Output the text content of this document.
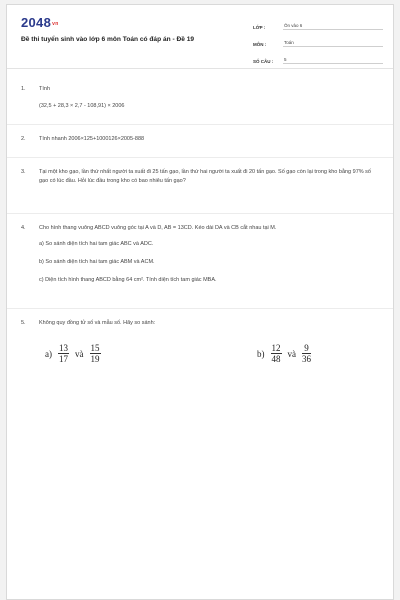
$2048^{vn}$
Đề thi tuyển sinh vào lớp 6 môn Toán có đáp án - Đề 19
LỚP :	Ôn vào 6
MÔN :	Toán
SỐ CÂU :	5
1. Tính
(32,5 + 28,3 × 2,7 - 108,91) × 2006
2. Tính nhanh 2006×125+1000126×2005-888
3. Tại một kho gạo, lần thứ nhất người ta xuất đi 25 tấn gạo, lần thứ hai người ta xuất đi 20 tấn gạo. Số gạo còn lại trong kho bằng 97% số gạo có lúc đầu. Hỏi lúc đầu trong kho có bao nhiêu tấn gạo?
4. Cho hình thang vuông ABCD vuông góc tại A và D, AB = 13CD. Kéo dài DA và CB cắt nhau tại M.
a) So sánh diện tích hai tam giác ABC và ADC.
b) So sánh diện tích hai tam giác ABM và ACM.
c) Diện tích hình thang ABCD bằng 64 cm². Tính diện tích tam giác MBA.
5. Không quy đồng tử số và mẫu số. Hãy so sánh:
$a) \frac{13}{17}$ và $\frac{15}{19}$	$b) \frac{12}{48}$ và $\frac{9}{36}$
